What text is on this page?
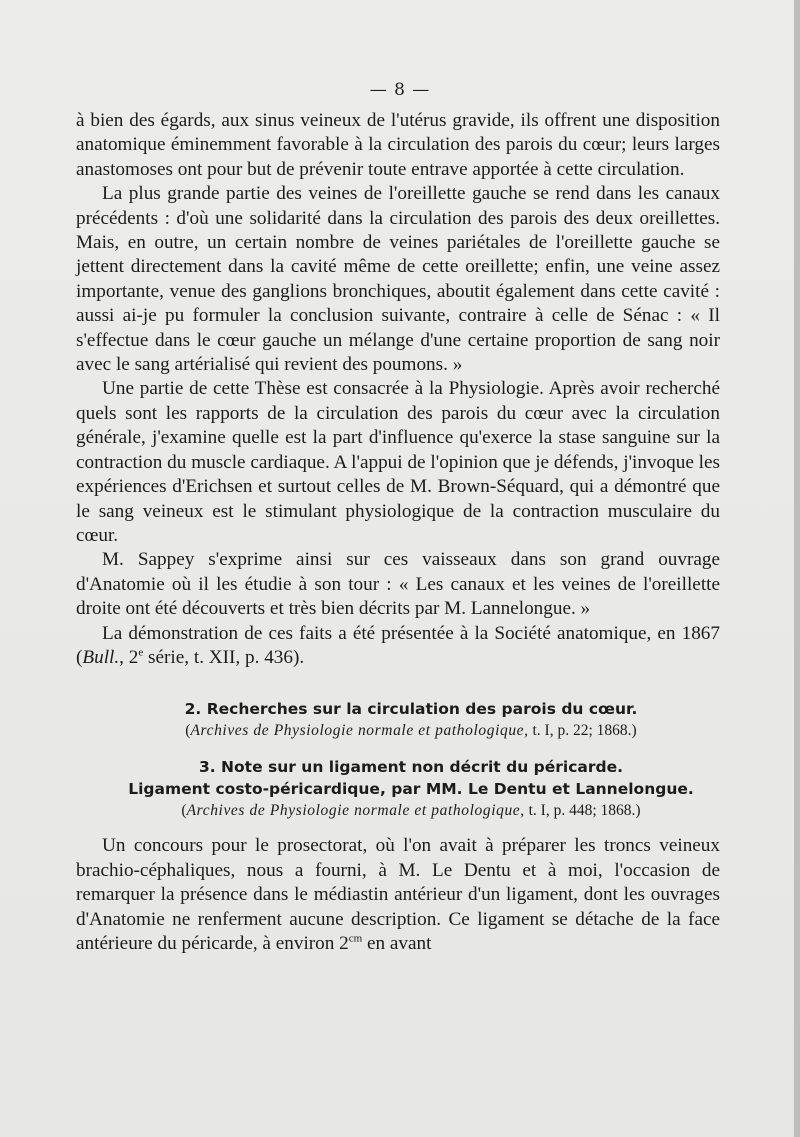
— 8 —

à bien des égards, aux sinus veineux de l'utérus gravide, ils offrent une disposition anatomique éminemment favorable à la circulation des parois du cœur; leurs larges anastomoses ont pour but de prévenir toute entrave apportée à cette circulation.

La plus grande partie des veines de l'oreillette gauche se rend dans les canaux précédents : d'où une solidarité dans la circulation des parois des deux oreillettes. Mais, en outre, un certain nombre de veines pariétales de l'oreillette gauche se jettent directement dans la cavité même de cette oreillette; enfin, une veine assez importante, venue des ganglions bronchiques, aboutit également dans cette cavité : aussi ai-je pu formuler la conclusion suivante, contraire à celle de Sénac : « Il s'effectue dans le cœur gauche un mélange d'une certaine proportion de sang noir avec le sang artérialisé qui revient des poumons. »

Une partie de cette Thèse est consacrée à la Physiologie. Après avoir recherché quels sont les rapports de la circulation des parois du cœur avec la circulation générale, j'examine quelle est la part d'influence qu'exerce la stase sanguine sur la contraction du muscle cardiaque. A l'appui de l'opinion que je défends, j'invoque les expériences d'Erichsen et surtout celles de M. Brown-Séquard, qui a démontré que le sang veineux est le stimulant physiologique de la contraction musculaire du cœur.

M. Sappey s'exprime ainsi sur ces vaisseaux dans son grand ouvrage d'Anatomie où il les étudie à son tour : « Les canaux et les veines de l'oreillette droite ont été découverts et très bien décrits par M. Lannelongue. »

La démonstration de ces faits a été présentée à la Société anatomique, en 1867 (Bull., 2e série, t. XII, p. 436).

2. Recherches sur la circulation des parois du cœur.

(Archives de Physiologie normale et pathologique, t. I, p. 22; 1868.)

3. Note sur un ligament non décrit du péricarde.

Ligament costo-péricardique, par MM. Le Dentu et Lannelongue.

(Archives de Physiologie normale et pathologique, t. I, p. 448; 1868.)

Un concours pour le prosectorat, où l'on avait à préparer les troncs veineux brachio-céphaliques, nous a fourni, à M. Le Dentu et à moi, l'occasion de remarquer la présence dans le médiastin antérieur d'un ligament, dont les ouvrages d'Anatomie ne renferment aucune description. Ce ligament se détache de la face antérieure du péricarde, à environ $2^{cm}$ en avant
